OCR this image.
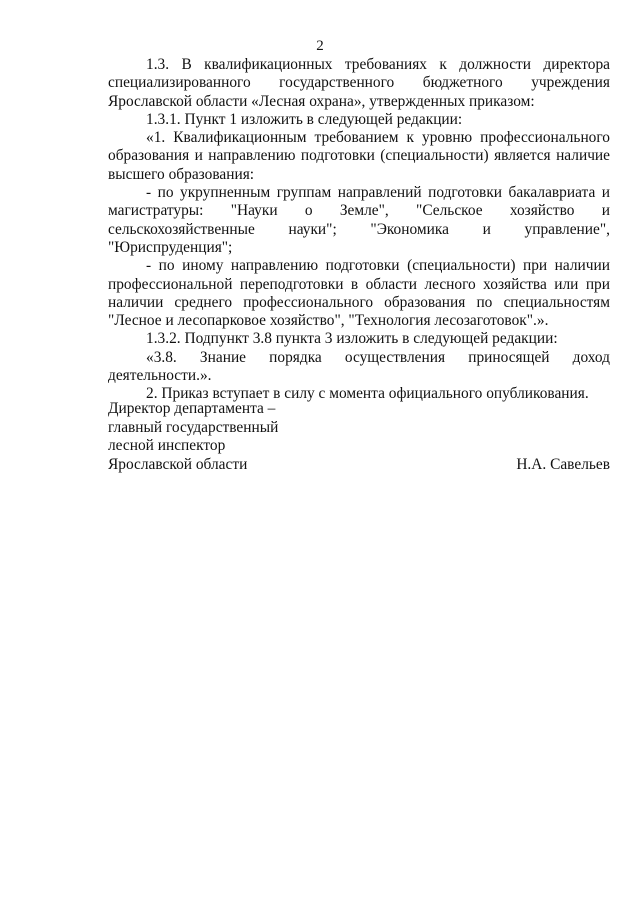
2

1.3. В квалификационных требованиях к должности директора специализированного государственного бюджетного учреждения Ярославской области «Лесная охрана», утвержденных приказом:

1.3.1. Пункт 1 изложить в следующей редакции:

«1. Квалификационным требованием к уровню профессионального образования и направлению подготовки (специальности) является наличие высшего образования:

- по укрупненным группам направлений подготовки бакалавриата и магистратуры: "Науки о Земле", "Сельское хозяйство и сельскохозяйственные науки"; "Экономика и управление", "Юриспруденция";

- по иному направлению подготовки (специальности) при наличии профессиональной переподготовки в области лесного хозяйства или при наличии среднего профессионального образования по специальностям "Лесное и лесопарковое хозяйство", "Технология лесозаготовок".».

1.3.2. Подпункт 3.8 пункта 3 изложить в следующей редакции:

«3.8. Знание порядка осуществления приносящей доход деятельности.».

2. Приказ вступает в силу с момента официального опубликования.

Директор департамента –
главный государственный
лесной инспектор
Ярославской области	Н.А. Савельев
